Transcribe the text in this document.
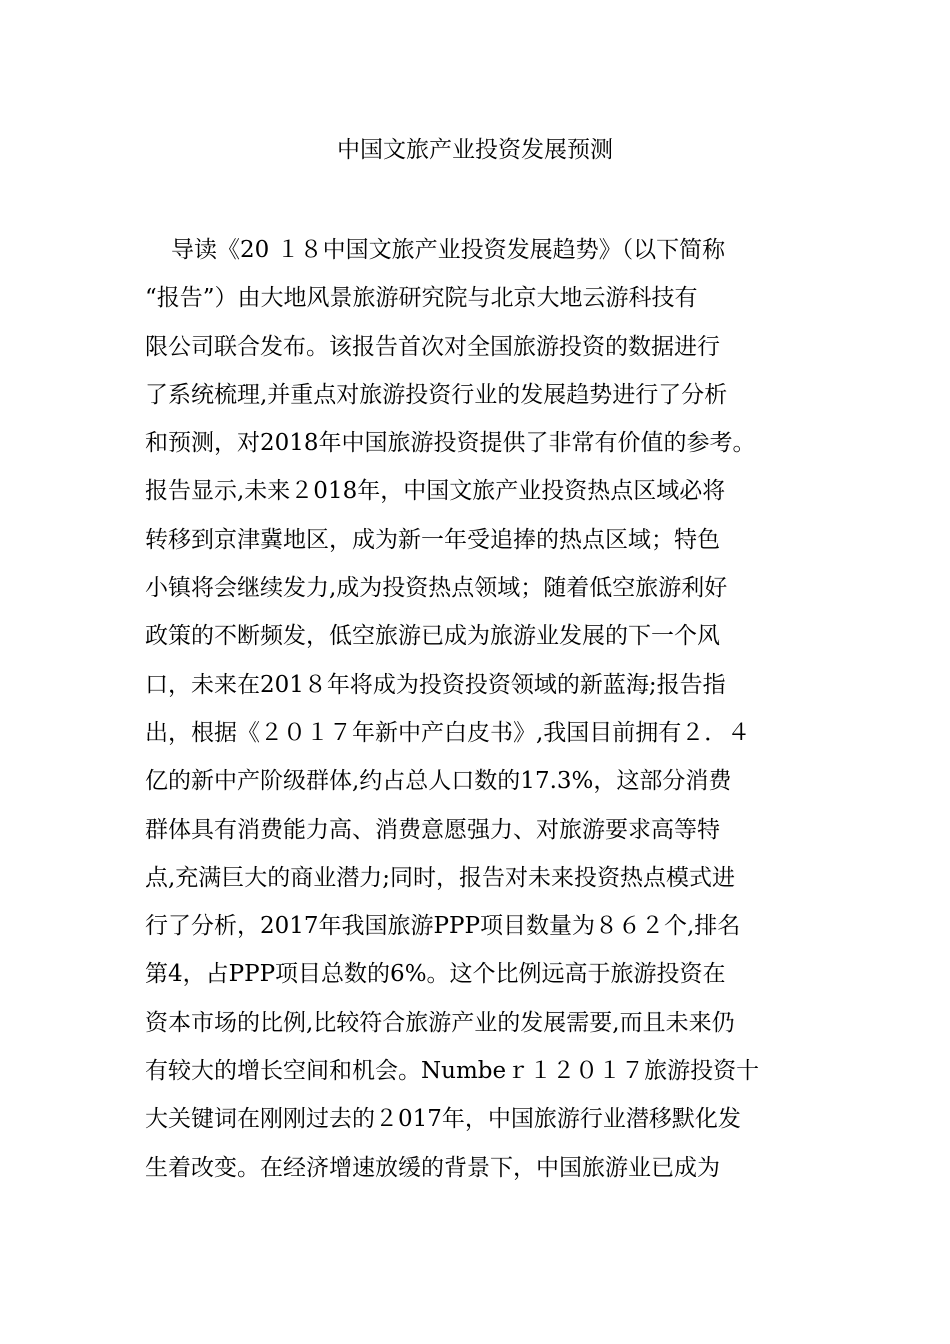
中国文旅产业投资发展预测
导读《20 １８中国文旅产业投资发展趋势》（以下简称
“报告”）由大地风景旅游研究院与北京大地云游科技有
限公司联合发布。该报告首次对全国旅游投资的数据进行
了系统梳理,并重点对旅游投资行业的发展趋势进行了分析
和预测，对2018年中国旅游投资提供了非常有价值的参考。
报告显示,未来２018年，中国文旅产业投资热点区域必将
转移到京津冀地区，成为新一年受追捧的热点区域；特色
小镇将会继续发力,成为投资热点领域；随着低空旅游利好
政策的不断频发，低空旅游已成为旅游业发展的下一个风
口，未来在201８年将成为投资投资领域的新蓝海;报告指
出，根据《２０１７年新中产白皮书》,我国目前拥有２．４
亿的新中产阶级群体,约占总人口数的17.3%，这部分消费
群体具有消费能力高、消费意愿强力、对旅游要求高等特
点,充满巨大的商业潜力;同时，报告对未来投资热点模式进
行了分析，2017年我国旅游PPP项目数量为８６２个,排名
第4，占PPP项目总数的6%。这个比例远高于旅游投资在
资本市场的比例,比较符合旅游产业的发展需要,而且未来仍
有较大的增长空间和机会。Numbeｒ１２０１７旅游投资十
大关键词在刚刚过去的２017年，中国旅游行业潜移默化发
生着改变。在经济增速放缓的背景下，中国旅游业已成为
